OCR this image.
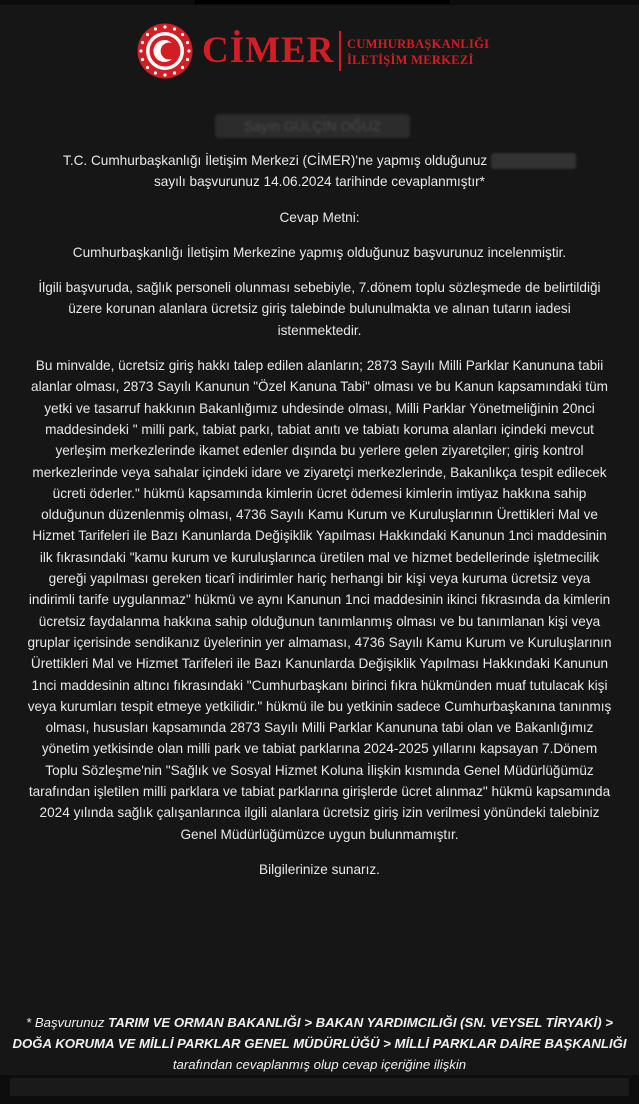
CİMER CUMHURBAŞKANLIĞI
İLETİŞİM MERKEZİ
Sayın GÜLÇİN OĞUZ

T.C. Cumhurbaşkanlığı İletişim Merkezi (CİMER)'ne yapmış olduğunuz
sayılı başvurunuz 14.06.2024 tarihinde cevaplanmıştır*

Cevap Metni:

Cumhurbaşkanlığı İletişim Merkezine yapmış olduğunuz başvurunuz incelenmiştir.

İlgili başvuruda, sağlık personeli olunması sebebiyle, 7.dönem toplu sözleşmede de belirtildiği üzere korunan alanlara ücretsiz giriş talebinde bulunulmakta ve alınan tutarın iadesi istenmektedir.

Bu minvalde, ücretsiz giriş hakkı talep edilen alanların; 2873 Sayılı Milli Parklar Kanununa tabii alanlar olması, 2873 Sayılı Kanunun "Özel Kanuna Tabi" olması ve bu Kanun kapsamındaki tüm yetki ve tasarruf hakkının Bakanlığımız uhdesinde olması, Milli Parklar Yönetmeliğinin 20nci maddesindeki " milli park, tabiat parkı, tabiat anıtı ve tabiatı koruma alanları içindeki mevcut yerleşim merkezlerinde ikamet edenler dışında bu yerlere gelen ziyaretçiler; giriş kontrol merkezlerinde veya sahalar içindeki idare ve ziyaretçi merkezlerinde, Bakanlıkça tespit edilecek ücreti öderler." hükmü kapsamında kimlerin ücret ödemesi kimlerin imtiyaz hakkına sahip olduğunun düzenlenmiş olması, 4736 Sayılı Kamu Kurum ve Kuruluşlarının Ürettikleri Mal ve Hizmet Tarifeleri ile Bazı Kanunlarda Değişiklik Yapılması Hakkındaki Kanunun 1nci maddesinin ilk fıkrasındaki "kamu kurum ve kuruluşlarınca üretilen mal ve hizmet bedellerinde işletmecilik gereği yapılması gereken ticarî indirimler hariç herhangi bir kişi veya kuruma ücretsiz veya indirimli tarife uygulanmaz" hükmü ve aynı Kanunun 1nci maddesinin ikinci fıkrasında da kimlerin ücretsiz faydalanma hakkına sahip olduğunun tanımlanmış olması ve bu tanımlanan kişi veya gruplar içerisinde sendikanız üyelerinin yer almaması, 4736 Sayılı Kamu Kurum ve Kuruluşlarının Ürettikleri Mal ve Hizmet Tarifeleri ile Bazı Kanunlarda Değişiklik Yapılması Hakkındaki Kanunun 1nci maddesinin altıncı fıkrasındaki "Cumhurbaşkanı birinci fıkra hükmünden muaf tutulacak kişi veya kurumları tespit etmeye yetkilidir." hükmü ile bu yetkinin sadece Cumhurbaşkanına tanınmış olması, hususları kapsamında 2873 Sayılı Milli Parklar Kanununa tabi olan ve Bakanlığımız yönetim yetkisinde olan milli park ve tabiat parklarına 2024-2025 yıllarını kapsayan 7.Dönem Toplu Sözleşme'nin "Sağlık ve Sosyal Hizmet Koluna İlişkin kısmında Genel Müdürlüğümüz tarafından işletilen milli parklara ve tabiat parklarına girişlerde ücret alınmaz" hükmü kapsamında 2024 yılında sağlık çalışanlarınca ilgili alanlara ücretsiz giriş izin verilmesi yönündeki talebiniz Genel Müdürlüğümüzce uygun bulunmamıştır.

Bilgilerinize sunarız.

* Başvurunuz TARIM VE ORMAN BAKANLIĞI > BAKAN YARDIMCILIĞI (SN. VEYSEL TİRYAKİ) > DOĞA KORUMA VE MİLLİ PARKLAR GENEL MÜDÜRLÜĞÜ > MİLLİ PARKLAR DAİRE BAŞKANLIĞI tarafından cevaplanmış olup cevap içeriğine ilişkin
